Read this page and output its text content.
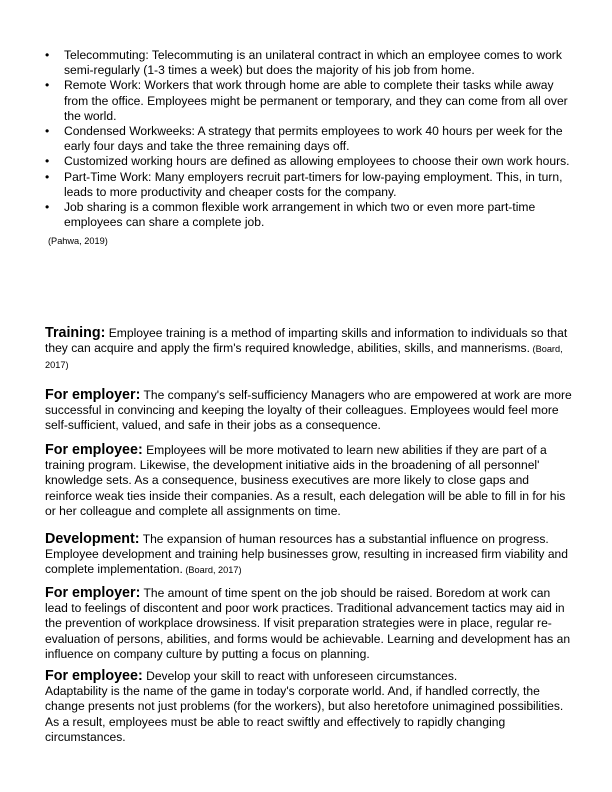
• Telecommuting: Telecommuting is an unilateral contract in which an employee comes to work semi-regularly (1-3 times a week) but does the majority of his job from home.
• Remote Work: Workers that work through home are able to complete their tasks while away from the office. Employees might be permanent or temporary, and they can come from all over the world.
• Condensed Workweeks: A strategy that permits employees to work 40 hours per week for the early four days and take the three remaining days off.
• Customized working hours are defined as allowing employees to choose their own work hours.
• Part-Time Work: Many employers recruit part-timers for low-paying employment. This, in turn, leads to more productivity and cheaper costs for the company.
• Job sharing is a common flexible work arrangement in which two or even more part-time employees can share a complete job.
(Pahwa, 2019)
Training: Employee training is a method of imparting skills and information to individuals so that they can acquire and apply the firm's required knowledge, abilities, skills, and mannerisms. (Board, 2017)
For employer: The company's self-sufficiency Managers who are empowered at work are more successful in convincing and keeping the loyalty of their colleagues. Employees would feel more self-sufficient, valued, and safe in their jobs as a consequence.
For employee: Employees will be more motivated to learn new abilities if they are part of a training program. Likewise, the development initiative aids in the broadening of all personnel' knowledge sets. As a consequence, business executives are more likely to close gaps and reinforce weak ties inside their companies. As a result, each delegation will be able to fill in for his or her colleague and complete all assignments on time.
Development: The expansion of human resources has a substantial influence on progress. Employee development and training help businesses grow, resulting in increased firm viability and complete implementation. (Board, 2017)
For employer: The amount of time spent on the job should be raised. Boredom at work can lead to feelings of discontent and poor work practices. Traditional advancement tactics may aid in the prevention of workplace drowsiness. If visit preparation strategies were in place, regular re-evaluation of persons, abilities, and forms would be achievable. Learning and development has an influence on company culture by putting a focus on planning.
For employee: Develop your skill to react with unforeseen circumstances.
Adaptability is the name of the game in today's corporate world. And, if handled correctly, the change presents not just problems (for the workers), but also heretofore unimagined possibilities. As a result, employees must be able to react swiftly and effectively to rapidly changing circumstances.
